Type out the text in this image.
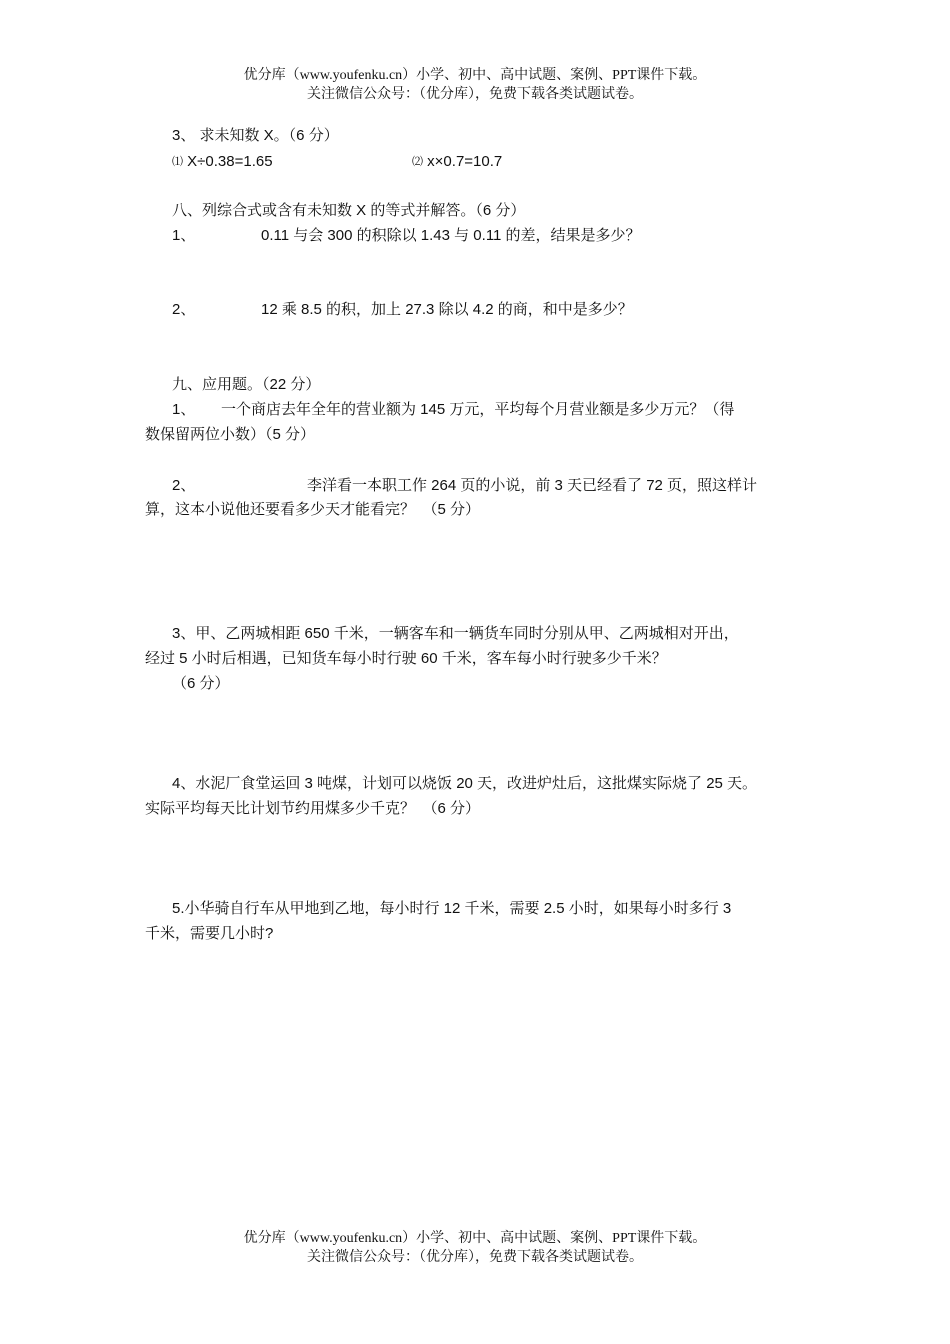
优分库（www.youfenku.cn）小学、初中、高中试题、案例、PPT课件下载。
关注微信公众号：（优分库），免费下载各类试题试卷。
3、 求未知数 X。（6 分）
⑴ X÷0.38=1.65	⑵ x×0.7=10.7
八、列综合式或含有未知数 X 的等式并解答。（6 分）
1、	0.11 与会 300 的积除以 1.43 与 0.11 的差，结果是多少？
2、	12 乘 8.5 的积，加上 27.3 除以 4.2 的商，和中是多少？
九、应用题。（22 分）
1、 一个商店去年全年的营业额为 145 万元，平均每个月营业额是多少万元？（得
数保留两位小数）（5 分）
2、	李洋看一本职工作 264 页的小说，前 3 天已经看了 72 页，照这样计
算，这本小说他还要看多少天才能看完？　（5 分）
3、甲、乙两城相距 650 千米，一辆客车和一辆货车同时分别从甲、乙两城相对开出，
经过 5 小时后相遇，已知货车每小时行驶 60 千米，客车每小时行驶多少千米？
（6 分）
4、水泥厂食堂运回 3 吨煤，计划可以烧饭 20 天，改进炉灶后，这批煤实际烧了 25 天。
实际平均每天比计划节约用煤多少千克？　（6 分）
5.小华骑自行车从甲地到乙地，每小时行 12 千米，需要 2.5 小时，如果每小时多行 3
千米，需要几小时?
优分库（www.youfenku.cn）小学、初中、高中试题、案例、PPT课件下载。
关注微信公众号：（优分库），免费下载各类试题试卷。
